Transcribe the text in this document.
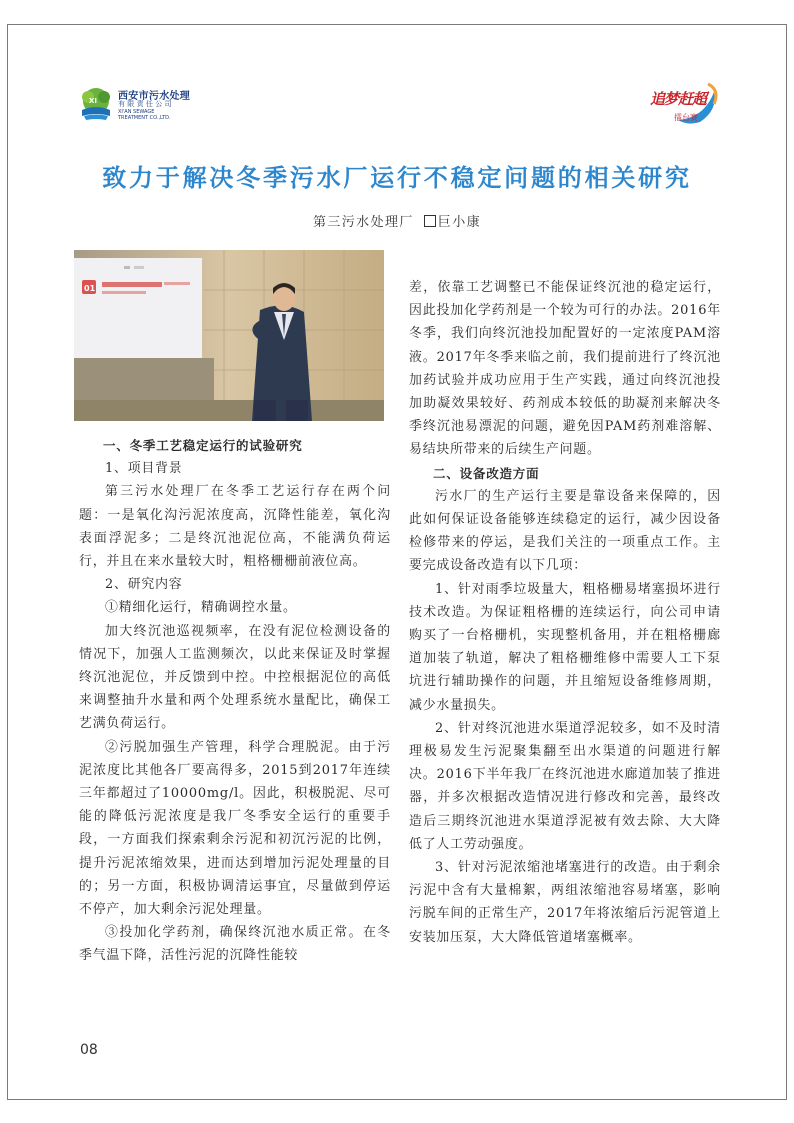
XI 西安市污水处理
有限责任公司
XI'AN SEWAGE
TREATMENT CO.,LTD.
追梦赶超
擂台赛
致力于解决冬季污水厂运行不稳定问题的相关研究
第三污水处理厂 巨小康
01

一、冬季工艺稳定运行的试验研究

1、项目背景

第三污水处理厂在冬季工艺运行存在两个问题：一是氧化沟污泥浓度高，沉降性能差，氧化沟表面浮泥多；二是终沉池泥位高，不能满负荷运行，并且在来水量较大时，粗格栅栅前液位高。

2、研究内容

①精细化运行，精确调控水量。

加大终沉池巡视频率，在没有泥位检测设备的情况下，加强人工监测频次，以此来保证及时掌握终沉池泥位，并反馈到中控。中控根据泥位的高低来调整抽升水量和两个处理系统水量配比，确保工艺满负荷运行。

②污脱加强生产管理，科学合理脱泥。由于污泥浓度比其他各厂要高得多，2015到2017年连续三年都超过了10000mg/l。因此，积极脱泥、尽可能的降低污泥浓度是我厂冬季安全运行的重要手段，一方面我们探索剩余污泥和初沉污泥的比例，提升污泥浓缩效果，进而达到增加污泥处理量的目的；另一方面，积极协调清运事宜，尽量做到停运不停产，加大剩余污泥处理量。

③投加化学药剂，确保终沉池水质正常。在冬季气温下降，活性污泥的沉降性能较

差，依靠工艺调整已不能保证终沉池的稳定运行，因此投加化学药剂是一个较为可行的办法。2016年冬季，我们向终沉池投加配置好的一定浓度PAM溶液。2017年冬季来临之前，我们提前进行了终沉池加药试验并成功应用于生产实践，通过向终沉池投加助凝效果较好、药剂成本较低的助凝剂来解决冬季终沉池易漂泥的问题，避免因PAM药剂难溶解、易结块所带来的后续生产问题。

二、设备改造方面

污水厂的生产运行主要是靠设备来保障的，因此如何保证设备能够连续稳定的运行，减少因设备检修带来的停运，是我们关注的一项重点工作。主要完成设备改造有以下几项：

1、针对雨季垃圾量大，粗格栅易堵塞损坏进行技术改造。为保证粗格栅的连续运行，向公司申请购买了一台格栅机，实现整机备用，并在粗格栅廊道加装了轨道，解决了粗格栅维修中需要人工下泵坑进行辅助操作的问题，并且缩短设备维修周期，减少水量损失。

2、针对终沉池进水渠道浮泥较多，如不及时清理极易发生污泥聚集翻至出水渠道的问题进行解决。2016下半年我厂在终沉池进水廊道加装了推进器，并多次根据改造情况进行修改和完善，最终改造后三期终沉池进水渠道浮泥被有效去除、大大降低了人工劳动强度。

3、针对污泥浓缩池堵塞进行的改造。由于剩余污泥中含有大量棉絮，两组浓缩池容易堵塞，影响污脱车间的正常生产，2017年将浓缩后污泥管道上安装加压泵，大大降低管道堵塞概率。

08
